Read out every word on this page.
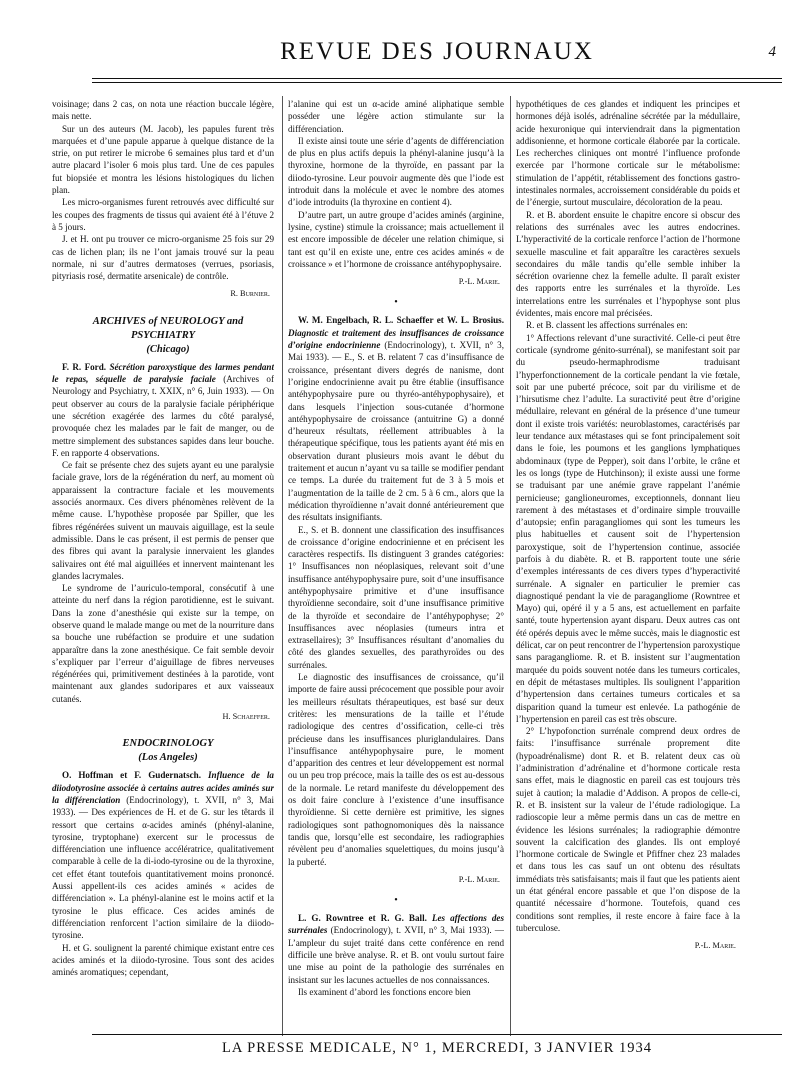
REVUE DES JOURNAUX	4

voisinage; dans 2 cas, on nota une réaction buccale légère, mais nette.

Sur un des auteurs (M. Jacob), les papules furent très marquées et d’une papule apparue à quelque distance de la strie, on put retirer le microbe 6 semaines plus tard et d’un autre placard l’isoler 6 mois plus tard. Une de ces papules fut biopsiée et montra les lésions histologiques du lichen plan.

Les micro-organismes furent retrouvés avec difficulté sur les coupes des fragments de tissus qui avaient été à l’étuve 2 à 5 jours.

J. et H. ont pu trouver ce micro-organisme 25 fois sur 29 cas de lichen plan; ils ne l’ont jamais trouvé sur la peau normale, ni sur d’autres dermatoses (verrues, psoriasis, pityriasis rosé, dermatite arsenicale) de contrôle.

R. Burnier.

ARCHIVES of NEUROLOGY and PSYCHIATRY

(Chicago)

F. R. Ford. Sécrétion paroxystique des larmes pendant le repas, séquelle de paralysie faciale (Archives of Neurology and Psychiatry, t. XXIX, n° 6, Juin 1933). — On peut observer au cours de la paralysie faciale périphérique une sécrétion exagérée des larmes du côté paralysé, provoquée chez les malades par le fait de manger, ou de mettre simplement des substances sapides dans leur bouche. F. en rapporte 4 observations.

Ce fait se présente chez des sujets ayant eu une paralysie faciale grave, lors de la régénération du nerf, au moment où apparaissent la contracture faciale et les mouvements associés anormaux. Ces divers phénomènes relèvent de la même cause. L’hypothèse proposée par Spiller, que les fibres régénérées suivent un mauvais aiguillage, est la seule admissible. Dans le cas présent, il est permis de penser que des fibres qui avant la paralysie innervaient les glandes salivaires ont été mal aiguillées et innervent maintenant les glandes lacrymales.

Le syndrome de l’auriculo-temporal, consécutif à une atteinte du nerf dans la région parotidienne, est le suivant. Dans la zone d’anesthésie qui existe sur la tempe, on observe quand le malade mange ou met de la nourriture dans sa bouche une rubéfaction se produire et une sudation apparaître dans la zone anesthésique. Ce fait semble devoir s’expliquer par l’erreur d’aiguillage de fibres nerveuses régénérées qui, primitivement destinées à la parotide, vont maintenant aux glandes sudoripares et aux vaisseaux cutanés.

H. Schaeffer.

ENDOCRINOLOGY

(Los Angeles)

O. Hoffman et F. Gudernatsch. Influence de la diiodotyrosine associée à certains autres acides aminés sur la différenciation (Endocrinology), t. XVII, n° 3, Mai 1933). — Des expériences de H. et de G. sur les têtards il ressort que certains α-acides aminés (phényl-alanine, tyrosine, tryptophane) exercent sur le processus de différenciation une influence accélératrice, qualitativement comparable à celle de la di-iodo-tyrosine ou de la thyroxine, cet effet étant toutefois quantitativement moins prononcé. Aussi appellent-ils ces acides aminés « acides de différenciation ». La phényl-alanine est le moins actif et la tyrosine le plus efficace. Ces acides aminés de différenciation renforcent l’action similaire de la diiodo-tyrosine.

H. et G. soulignent la parenté chimique existant entre ces acides aminés et la diiodo-tyrosine. Tous sont des acides aminés aromatiques; cependant,

l’alanine qui est un α-acide aminé aliphatique semble posséder une légère action stimulante sur la différenciation.

Il existe ainsi toute une série d’agents de différenciation de plus en plus actifs depuis la phényl-alanine jusqu’à la thyroxine, hormone de la thyroïde, en passant par la diiodo-tyrosine. Leur pouvoir augmente dès que l’iode est introduit dans la molécule et avec le nombre des atomes d’iode introduits (la thyroxine en contient 4).

D’autre part, un autre groupe d’acides aminés (arginine, lysine, cystine) stimule la croissance; mais actuellement il est encore impossible de déceler une relation chimique, si tant est qu’il en existe une, entre ces acides aminés « de croissance » et l’hormone de croissance antéhypophysaire.

P.-L. Marie.
•

W. M. Engelbach, R. L. Schaeffer et W. L. Brosius. Diagnostic et traitement des insuffisances de croissance d’origine endocrinienne (Endocrinology), t. XVII, n° 3, Mai 1933). — E., S. et B. relatent 7 cas d’insuffisance de croissance, présentant divers degrés de nanisme, dont l’origine endocrinienne avait pu être établie (insuffisance antéhypophysaire pure ou thyréo-antéhypophysaire), et dans lesquels l’injection sous-cutanée d’hormone antéhypophysaire de croissance (antuitrine G) a donné d’heureux résultats, réellement attribuables à la thérapeutique spécifique, tous les patients ayant été mis en observation durant plusieurs mois avant le début du traitement et aucun n’ayant vu sa taille se modifier pendant ce temps. La durée du traitement fut de 3 à 5 mois et l’augmentation de la taille de 2 cm. 5 à 6 cm., alors que la médication thyroïdienne n’avait donné antérieurement que des résultats insignifiants.

E., S. et B. donnent une classification des insuffisances de croissance d’origine endocrinienne et en précisent les caractères respectifs. Ils distinguent 3 grandes catégories: 1° Insuffisances non néoplasiques, relevant soit d’une insuffisance antéhypophysaire pure, soit d’une insuffisance antéhypophysaire primitive et d’une insuffisance thyroïdienne secondaire, soit d’une insuffisance primitive de la thyroïde et secondaire de l’antéhypophyse; 2° Insuffisances avec néoplasies (tumeurs intra et extrasellaires); 3° Insuffisances résultant d’anomalies du côté des glandes sexuelles, des parathyroïdes ou des surrénales.

Le diagnostic des insuffisances de croissance, qu’il importe de faire aussi précocement que possible pour avoir les meilleurs résultats thérapeutiques, est basé sur deux critères: les mensurations de la taille et l’étude radiologique des centres d’ossification, celle-ci très précieuse dans les insuffisances pluriglandulaires. Dans l’insuffisance antéhypophysaire pure, le moment d’apparition des centres et leur développement est normal ou un peu trop précoce, mais la taille des os est au-dessous de la normale. Le retard manifeste du développement des os doit faire conclure à l’existence d’une insuffisance thyroïdienne. Si cette dernière est primitive, les signes radiologiques sont pathognomoniques dès la naissance tandis que, lorsqu’elle est secondaire, les radiographies révèlent peu d’anomalies squelettiques, du moins jusqu’à la puberté.

P.-L. Marie.
•

L. G. Rowntree et R. G. Ball. Les affections des surrénales (Endocrinology), t. XVII, n° 3, Mai 1933). — L’ampleur du sujet traité dans cette conférence en rend difficile une brève analyse. R. et B. ont voulu surtout faire une mise au point de la pathologie des surrénales en insistant sur les lacunes actuelles de nos connaissances.

Ils examinent d’abord les fonctions encore bien

hypothétiques de ces glandes et indiquent les principes et hormones déjà isolés, adrénaline sécrétée par la médullaire, acide hexuronique qui interviendrait dans la pigmentation addisonienne, et hormone corticale élaborée par la corticale. Les recherches cliniques ont montré l’influence profonde exercée par l’hormone corticale sur le métabolisme: stimulation de l’appétit, rétablissement des fonctions gastro-intestinales normales, accroissement considérable du poids et de l’énergie, surtout musculaire, décoloration de la peau.

R. et B. abordent ensuite le chapitre encore si obscur des relations des surrénales avec les autres endocrines. L’hyperactivité de la corticale renforce l’action de l’hormone sexuelle masculine et fait apparaître les caractères sexuels secondaires du mâle tandis qu’elle semble inhiber la sécrétion ovarienne chez la femelle adulte. Il paraît exister des rapports entre les surrénales et la thyroïde. Les interrelations entre les surrénales et l’hypophyse sont plus évidentes, mais encore mal précisées.

R. et B. classent les affections surrénales en:

1° Affections relevant d’une suractivité. Celle-ci peut être corticale (syndrome génito-surrénal), se manifestant soit par du pseudo-hermaphrodisme traduisant l’hyperfonctionnement de la corticale pendant la vie fœtale, soit par une puberté précoce, soit par du virilisme et de l’hirsutisme chez l’adulte. La suractivité peut être d’origine médullaire, relevant en général de la présence d’une tumeur dont il existe trois variétés: neuroblastomes, caractérisés par leur tendance aux métastases qui se font principalement soit dans le foie, les poumons et les ganglions lymphatiques abdominaux (type de Pepper), soit dans l’orbite, le crâne et les os longs (type de Hutchinson); il existe aussi une forme se traduisant par une anémie grave rappelant l’anémie pernicieuse; ganglioneuromes, exceptionnels, donnant lieu rarement à des métastases et d’ordinaire simple trouvaille d’autopsie; enfin paragangliomes qui sont les tumeurs les plus habituelles et causent soit de l’hypertension paroxystique, soit de l’hypertension continue, associée parfois à du diabète. R. et B. rapportent toute une série d’exemples intéressants de ces divers types d’hyperactivité surrénale. A signaler en particulier le premier cas diagnostiqué pendant la vie de paragangliome (Rowntree et Mayo) qui, opéré il y a 5 ans, est actuellement en parfaite santé, toute hypertension ayant disparu. Deux autres cas ont été opérés depuis avec le même succès, mais le diagnostic est délicat, car on peut rencontrer de l’hypertension paroxystique sans paragangliome. R. et B. insistent sur l’augmentation marquée du poids souvent notée dans les tumeurs corticales, en dépit de métastases multiples. Ils soulignent l’apparition d’hypertension dans certaines tumeurs corticales et sa disparition quand la tumeur est enlevée. La pathogénie de l’hypertension en pareil cas est très obscure.

2° L’hypofonction surrénale comprend deux ordres de faits: l’insuffisance surrénale proprement dite (hypoadrénalisme) dont R. et B. relatent deux cas où l’administration d’adrénaline et d’hormone corticale resta sans effet, mais le diagnostic en pareil cas est toujours très sujet à caution; la maladie d’Addison. A propos de celle-ci, R. et B. insistent sur la valeur de l’étude radiologique. La radioscopie leur a même permis dans un cas de mettre en évidence les lésions surrénales; la radiographie démontre souvent la calcification des glandes. Ils ont employé l’hormone corticale de Swingle et Pfiffner chez 23 malades et dans tous les cas sauf un ont obtenu des résultats immédiats très satisfaisants; mais il faut que les patients aient un état général encore passable et que l’on dispose de la quantité nécessaire d’hormone. Toutefois, quand ces conditions sont remplies, il reste encore à faire face à la tuberculose.

P.-L. Marie.
LA PRESSE MEDICALE, N° 1, MERCREDI, 3 JANVIER 1934
